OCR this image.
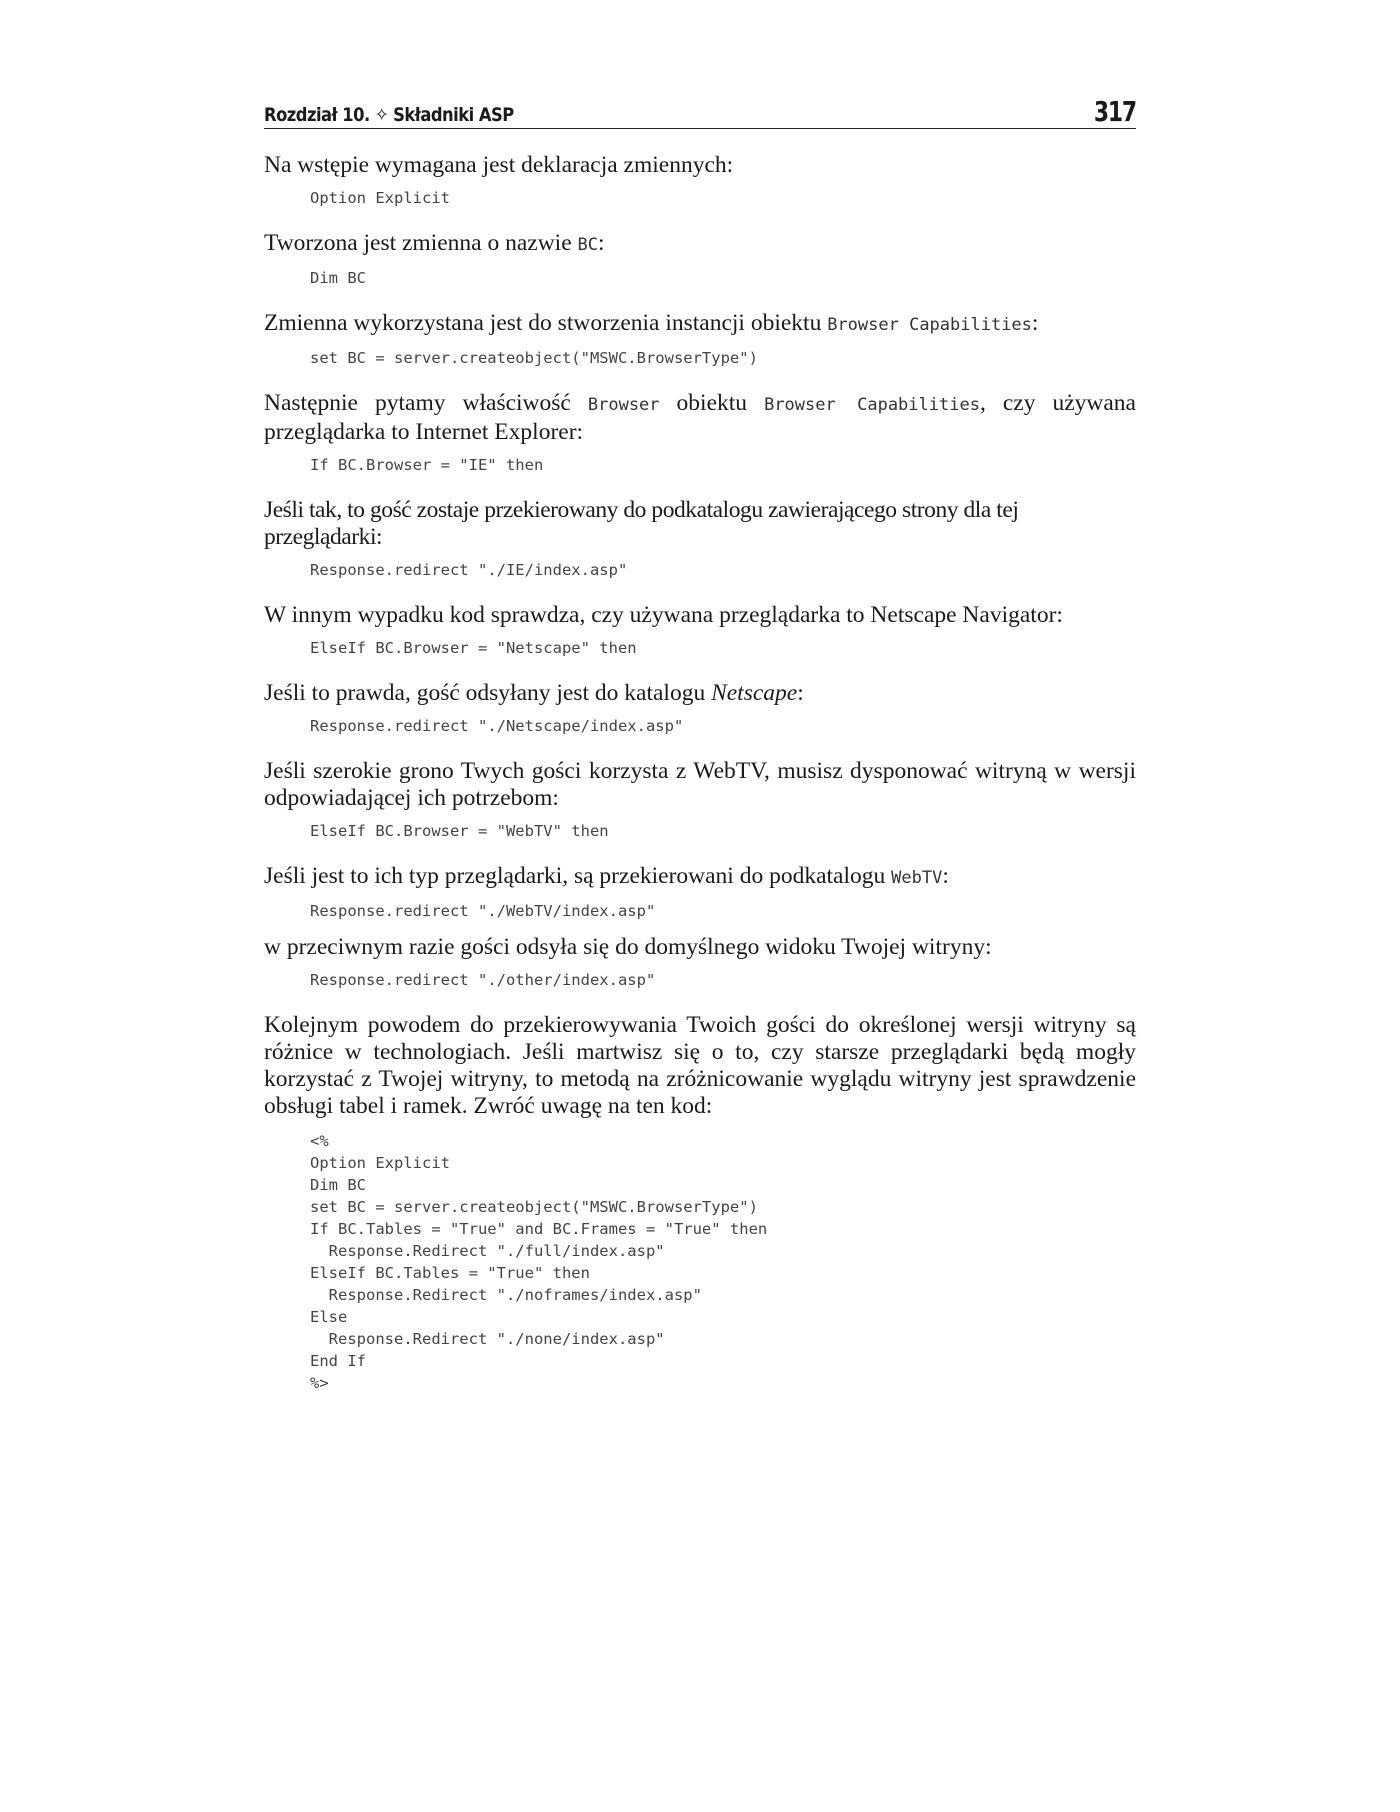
Rozdział 10. ✧ Składniki ASP	317

Na wstępie wymagana jest deklaracja zmiennych:

Option Explicit

Tworzona jest zmienna o nazwie BC:

Dim BC

Zmienna wykorzystana jest do stworzenia instancji obiektu Browser Capabilities:

set BC = server.createobject("MSWC.BrowserType")

Następnie pytamy właściwość Browser obiektu Browser Capabilities, czy używana przeglądarka to Internet Explorer:

If BC.Browser = "IE" then

Jeśli tak, to gość zostaje przekierowany do podkatalogu zawierającego strony dla tej przeglądarki:

Response.redirect "./IE/index.asp"

W innym wypadku kod sprawdza, czy używana przeglądarka to Netscape Navigator:

ElseIf BC.Browser = "Netscape" then

Jeśli to prawda, gość odsyłany jest do katalogu Netscape:

Response.redirect "./Netscape/index.asp"

Jeśli szerokie grono Twych gości korzysta z WebTV, musisz dysponować witryną w wersji odpowiadającej ich potrzebom:

ElseIf BC.Browser = "WebTV" then

Jeśli jest to ich typ przeglądarki, są przekierowani do podkatalogu WebTV:

Response.redirect "./WebTV/index.asp"

w przeciwnym razie gości odsyła się do domyślnego widoku Twojej witryny:

Response.redirect "./other/index.asp"

Kolejnym powodem do przekierowywania Twoich gości do określonej wersji witryny są różnice w technologiach. Jeśli martwisz się o to, czy starsze przeglądarki będą mogły korzystać z Twojej witryny, to metodą na zróżnicowanie wyglądu witryny jest sprawdzenie obsługi tabel i ramek. Zwróć uwagę na ten kod:

<%
Option Explicit
Dim BC
set BC = server.createobject("MSWC.BrowserType")
If BC.Tables = "True" and BC.Frames = "True" then
Response.Redirect "./full/index.asp"
ElseIf BC.Tables = "True" then
Response.Redirect "./noframes/index.asp"
Else
Response.Redirect "./none/index.asp"
End If
%>
